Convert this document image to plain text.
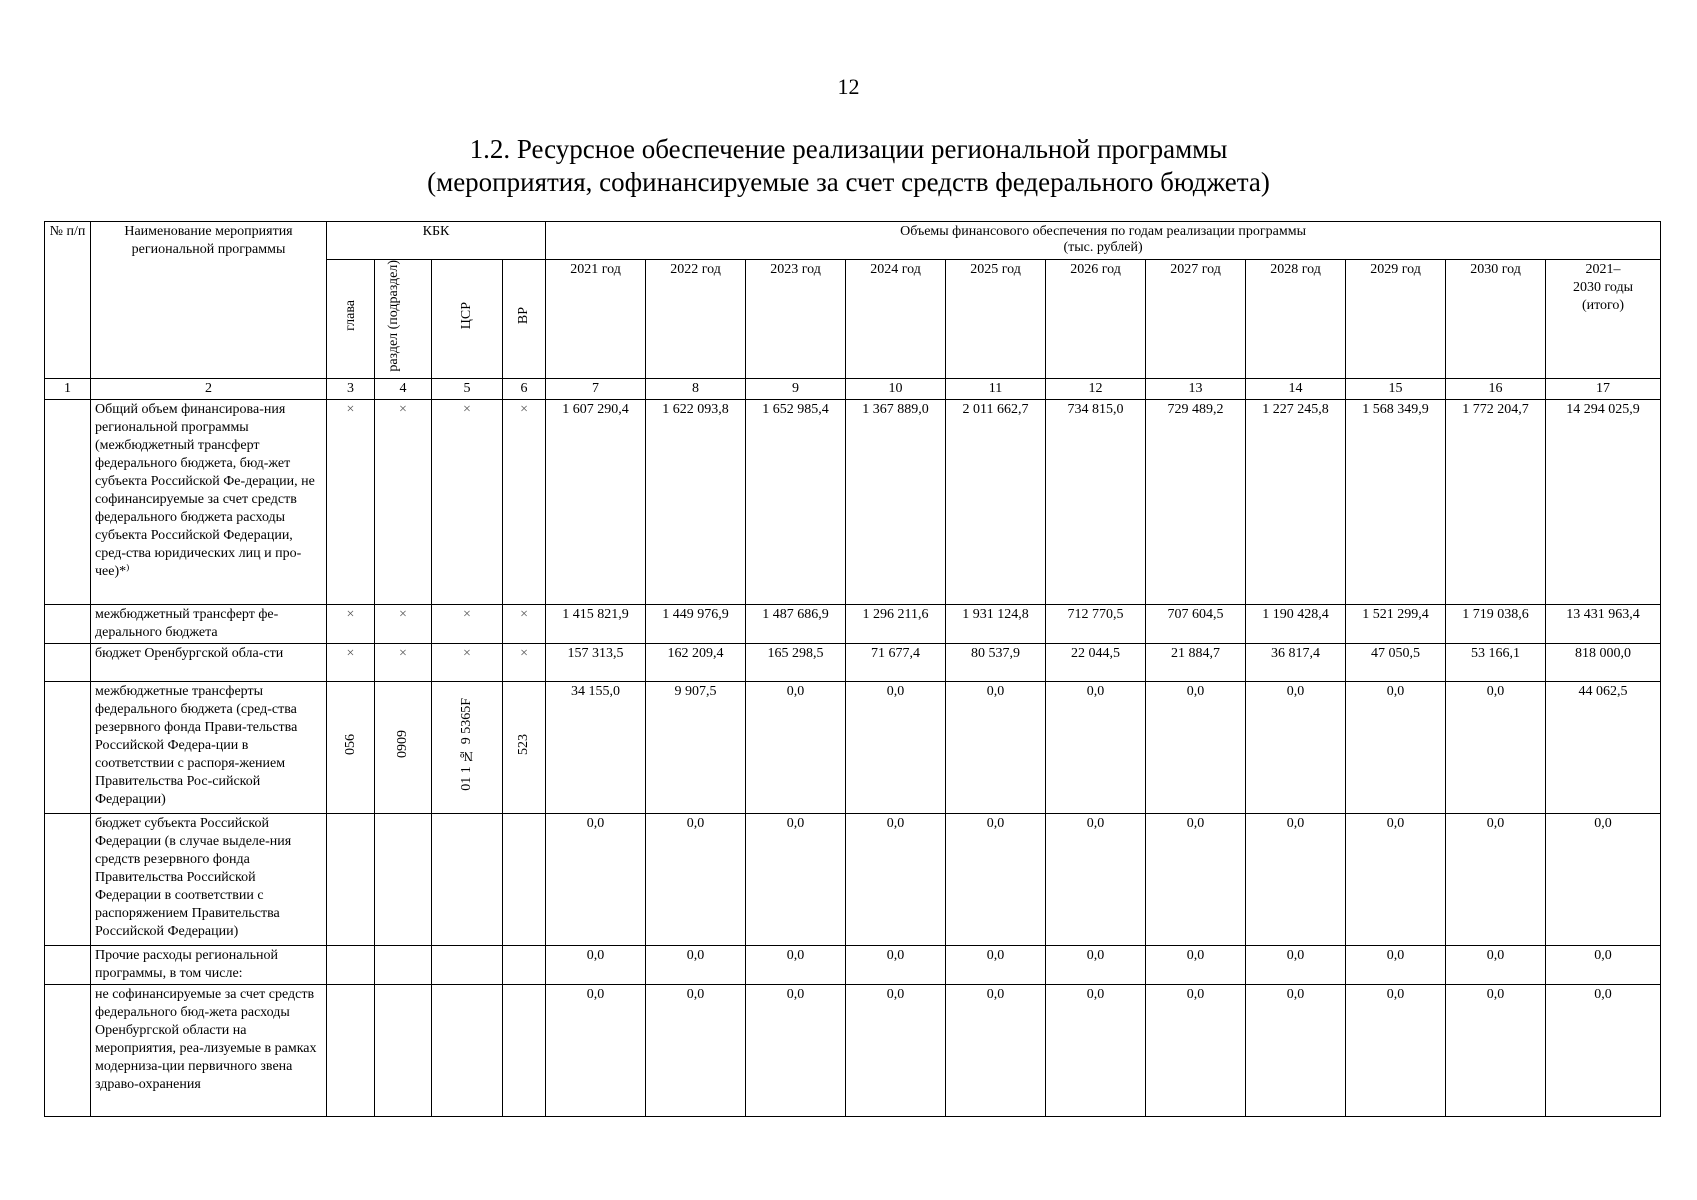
12
1.2. Ресурсное обеспечение реализации региональной программы
(мероприятия, софинансируемые за счет средств федерального бюджета)
№ п/п	Наименование мероприятия региональной программы	КБК				Объемы финансового обеспечения по годам реализации программы
(тыс. рублей)										

		глава	раздел (подраздел)	ЦСР	ВР	2021 год	2022 год	2023 год	2024 год	2025 год	2026 год	2027 год	2028 год	2029 год	2030 год	2021–
2030 годы
(итого)

1	2	3	4	5	6	7	8	9	10	11	12	13	14	15	16	17
	Общий объем финансирова-ния региональной программы (межбюджетный трансферт федерального бюджета, бюд-жет субъекта Российской Фе-дерации, не софинансируемые за счет средств федерального бюджета расходы субъекта Российской Федерации, сред-ства юридических лиц и про-чее)*⁾	×	×	×	×	1 607 290,4	1 622 093,8	1 652 985,4	1 367 889,0	2 011 662,7	734 815,0	729 489,2	1 227 245,8	1 568 349,9	1 772 204,7	14 294 025,9
	межбюджетный трансферт фе-дерального бюджета	×	×	×	×	1 415 821,9	1 449 976,9	1 487 686,9	1 296 211,6	1 931 124,8	712 770,5	707 604,5	1 190 428,4	1 521 299,4	1 719 038,6	13 431 963,4
	бюджет Оренбургской обла-сти	×	×	×	×	157 313,5	162 209,4	165 298,5	71 677,4	80 537,9	22 044,5	21 884,7	36 817,4	47 050,5	53 166,1	818 000,0
	межбюджетные трансферты федерального бюджета (сред-ства резервного фонда Прави-тельства Российской Федера-ции в соответствии с распоря-жением Правительства Рос-сийской Федерации)	056	0909	01 1 № 9 5365F	523	34 155,0	9 907,5	0,0	0,0	0,0	0,0	0,0	0,0	0,0	0,0	44 062,5
	бюджет субъекта Российской Федерации (в случае выделе-ния средств резервного фонда Правительства Российской Федерации в соответствии с распоряжением Правительства Российской Федерации)					0,0	0,0	0,0	0,0	0,0	0,0	0,0	0,0	0,0	0,0	0,0
	Прочие расходы региональной программы, в том числе:					0,0	0,0	0,0	0,0	0,0	0,0	0,0	0,0	0,0	0,0	0,0
	не софинансируемые за счет средств федерального бюд-жета расходы Оренбургской области на мероприятия, реа-лизуемые в рамках модерниза-ции первичного звена здраво-охранения					0,0	0,0	0,0	0,0	0,0	0,0	0,0	0,0	0,0	0,0	0,0
